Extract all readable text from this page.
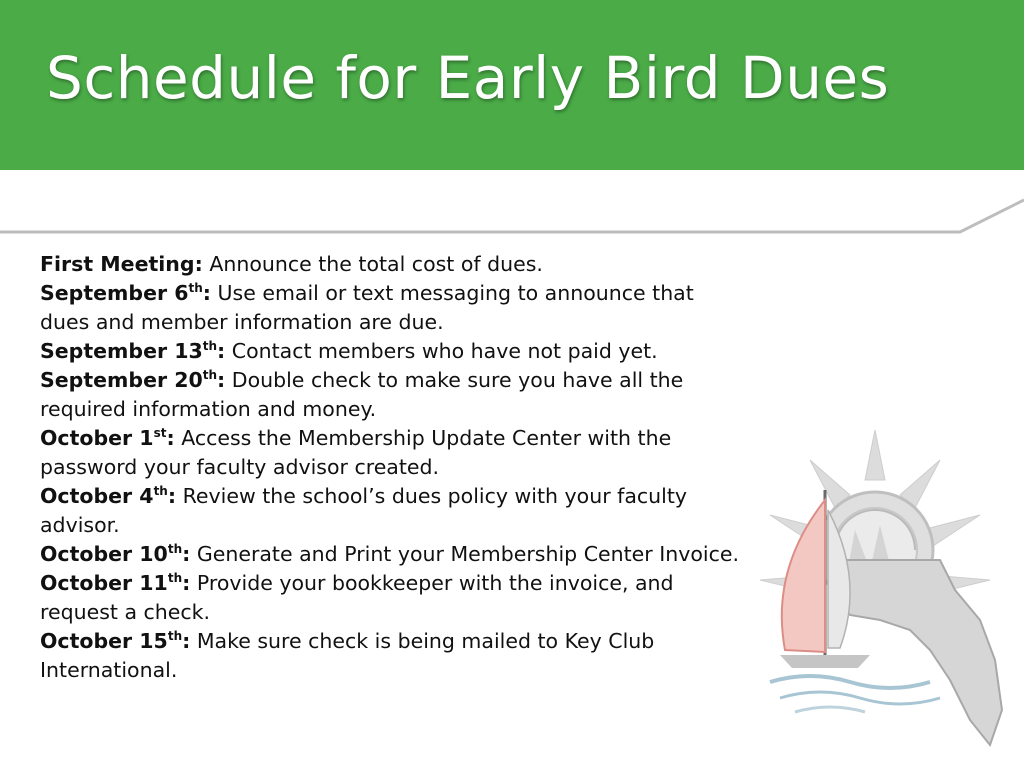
Schedule for Early Bird Dues

First Meeting: Announce the total cost of dues.

September 6th: Use email or text messaging to announce that dues and member information are due.

September 13th: Contact members who have not paid yet.

September 20th: Double check to make sure you have all the required information and money.

October 1st: Access the Membership Update Center with the password your faculty advisor created.

October 4th: Review the school’s dues policy with your faculty advisor.

October 10th: Generate and Print your Membership Center Invoice.

October 11th: Provide your bookkeeper with the invoice, and request a check.

October 15th: Make sure check is being mailed to Key Club International.
